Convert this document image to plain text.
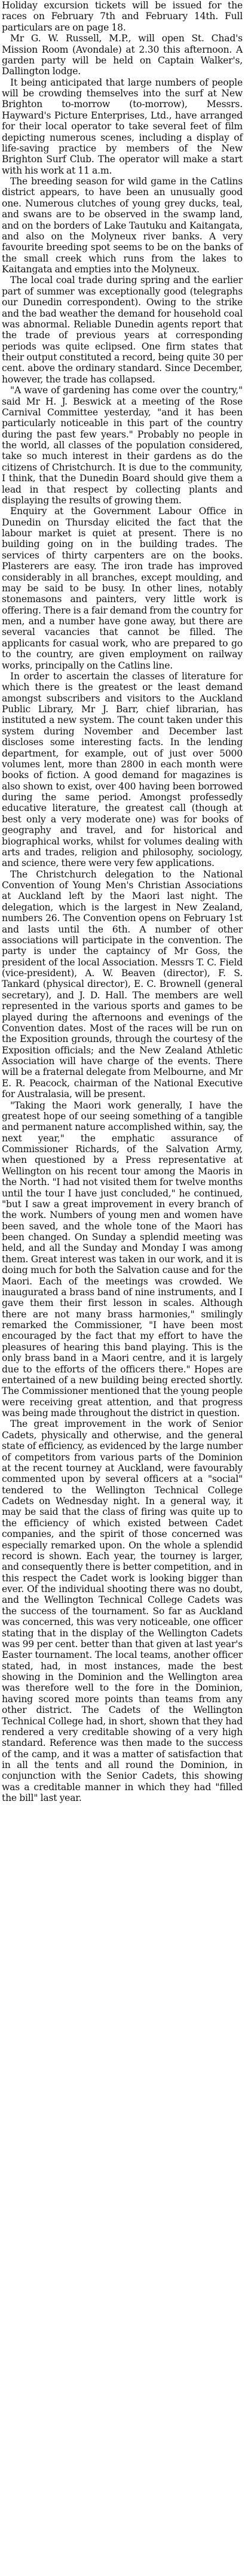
Holiday excursion tickets will be issued for the races on February 7th and February 14th. Full particulars are on page 18.

Mr G. W. Russell, M.P., will open St. Chad's Mission Room (Avondale) at 2.30 this afternoon. A garden party will be held on Captain Walker's, Dallington lodge.

It being anticipated that large numbers of people will be crowding themselves into the surf at New Brighton to-morrow (to-morrow), Messrs. Hayward's Picture Enterprises, Ltd., have arranged for their local operator to take several feet of film depicting numerous scenes, including a display of life-saving practice by members of the New Brighton Surf Club. The operator will make a start with his work at 11 a.m.

The breeding season for wild game in the Catlins district appears, to have been an unusually good one. Numerous clutches of young grey ducks, teal, and swans are to be observed in the swamp land, and on the borders of Lake Tautuku and Kaitangata, and also on the Molyneux river banks. A very favourite breeding spot seems to be on the banks of the small creek which runs from the lakes to Kaitangata and empties into the Molyneux.

The local coal trade during spring and the earlier part of summer was exceptionally good (telegraphs our Dunedin correspondent). Owing to the strike and the bad weather the demand for household coal was abnormal. Reliable Dunedin agents report that the trade of previous years at corresponding periods was quite eclipsed. One firm states that their output constituted a record, being quite 30 per cent. above the ordinary standard. Since December, however, the trade has collapsed.

"A wave of gardening has come over the country," said Mr H. J. Beswick at a meeting of the Rose Carnival Committee yesterday, "and it has been particularly noticeable in this part of the country during the past few years." Probably no people in the world, all classes of the population considered, take so much interest in their gardens as do the citizens of Christchurch. It is due to the community, I think, that the Dunedin Board should give them a lead in that respect by collecting plants and displaying the results of growing them.

Enquiry at the Government Labour Office in Dunedin on Thursday elicited the fact that the labour market is quiet at present. There is no building going on in the building trades. The services of thirty carpenters are on the books. Plasterers are easy. The iron trade has improved considerably in all branches, except moulding, and may be said to be busy. In other lines, notably stonemasons and painters, very little work is offering. There is a fair demand from the country for men, and a number have gone away, but there are several vacancies that cannot be filled. The applicants for casual work, who are prepared to go to the country, are given employment on railway works, principally on the Catlins line.

In order to ascertain the classes of literature for which there is the greatest or the least demand amongst subscribers and visitors to the Auckland Public Library, Mr J. Barr, chief librarian, has instituted a new system. The count taken under this system during November and December last discloses some interesting facts. In the lending department, for example, out of just over 5000 volumes lent, more than 2800 in each month were books of fiction. A good demand for magazines is also shown to exist, over 400 having been borrowed during the same period. Amongst professedly educative literature, the greatest call (though at best only a very moderate one) was for books of geography and travel, and for historical and biographical works, whilst for volumes dealing with arts and trades, religion and philosophy, sociology, and science, there were very few applications.

The Christchurch delegation to the National Convention of Young Men's Christian Associations at Auckland left by the Maori last night. The delegation, which is the largest in New Zealand, numbers 26. The Convention opens on February 1st and lasts until the 6th. A number of other associations will participate in the convention. The party is under the captaincy of Mr Goss, the president of the local Association. Messrs T. C. Field (vice-president), A. W. Beaven (director), F. S. Tankard (physical director), E. C. Brownell (general secretary), and J. D. Hall. The members are well represented in the various sports and games to be played during the afternoons and evenings of the Convention dates. Most of the races will be run on the Exposition grounds, through the courtesy of the Exposition officials; and the New Zealand Athletic Association will have charge of the events. There will be a fraternal delegate from Melbourne, and Mr E. R. Peacock, chairman of the National Executive for Australasia, will be present.

"Taking the Maori work generally, I have the greatest hope of our seeing something of a tangible and permanent nature accomplished within, say, the next year," the emphatic assurance of Commissioner Richards, of the Salvation Army, when questioned by a Press representative at Wellington on his recent tour among the Maoris in the North. "I had not visited them for twelve months until the tour I have just concluded," he continued, "but I saw a great improvement in every branch of the work. Numbers of young men and women have been saved, and the whole tone of the Maori has been changed. On Sunday a splendid meeting was held, and all the Sunday and Monday I was among them. Great interest was taken in our work, and it is doing much for both the Salvation cause and for the Maori. Each of the meetings was crowded. We inaugurated a brass band of nine instruments, and I gave them their first lesson in scales. Although there are not many brass harmonies," smilingly remarked the Commissioner, "I have been most encouraged by the fact that my effort to have the pleasures of hearing this band playing. This is the only brass band in a Maori centre, and it is largely due to the efforts of the officers there." Hopes are entertained of a new building being erected shortly. The Commissioner mentioned that the young people were receiving great attention, and that progress was being made throughout the district in question.

The great improvement in the work of Senior Cadets, physically and otherwise, and the general state of efficiency, as evidenced by the large number of competitors from various parts of the Dominion at the recent tourney at Auckland, were favourably commented upon by several officers at a "social" tendered to the Wellington Technical College Cadets on Wednesday night. In a general way, it may be said that the class of firing was quite up to the efficiency of which existed between Cadet companies, and the spirit of those concerned was especially remarked upon. On the whole a splendid record is shown. Each year, the tourney is larger, and consequently there is better competition, and in this respect the Cadet work is looking bigger than ever. Of the individual shooting there was no doubt, and the Wellington Technical College Cadets was the success of the tournament. So far as Auckland was concerned, this was very noticeable, one officer stating that in the display of the Wellington Cadets was 99 per cent. better than that given at last year's Easter tournament. The local teams, another officer stated, had, in most instances, made the best showing in the Dominion and the Wellington area was therefore well to the fore in the Dominion, having scored more points than teams from any other district. The Cadets of the Wellington Technical College had, in short, shown that they had rendered a very creditable showing of a very high standard. Reference was then made to the success of the camp, and it was a matter of satisfaction that in all the tents and all round the Dominion, in conjunction with the Senior Cadets, this showing was a creditable manner in which they had "filled the bill" last year.
